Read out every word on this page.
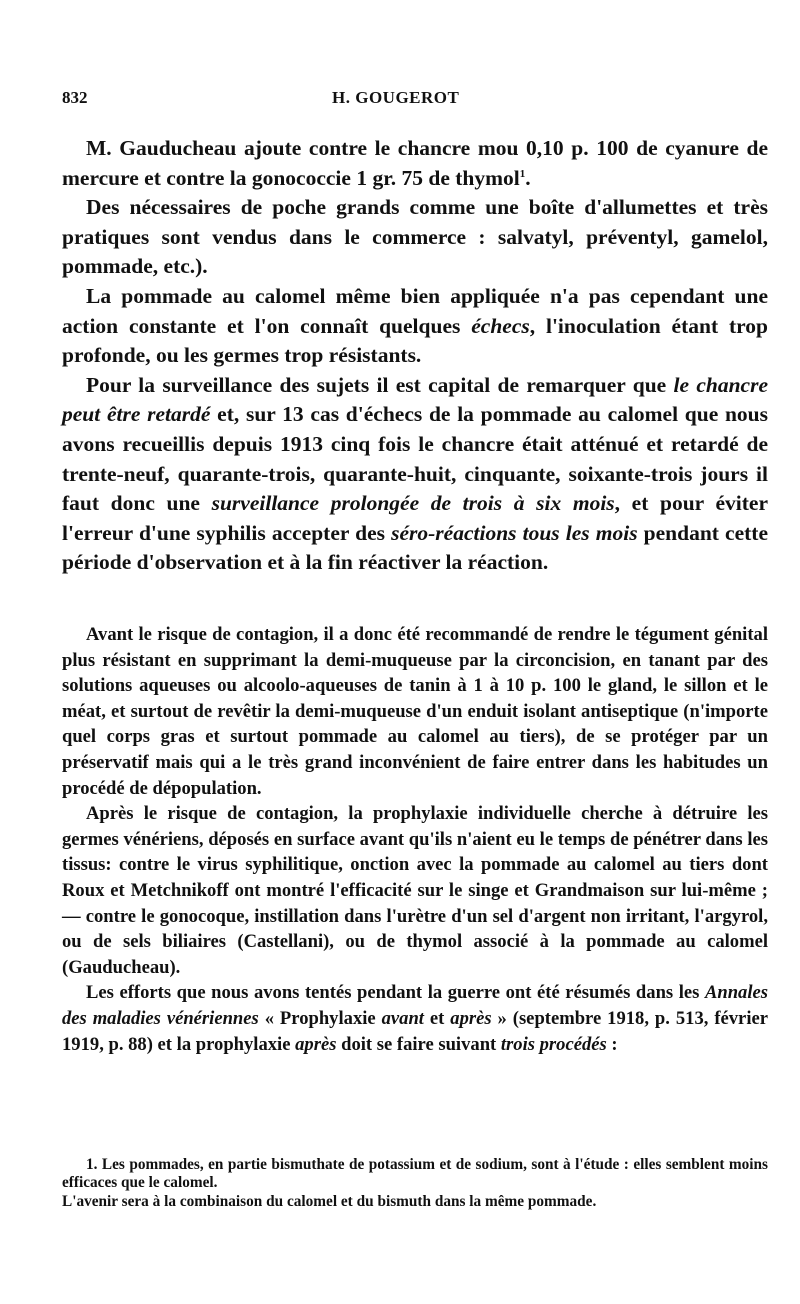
832	H. GOUGEROT

M. Gauducheau ajoute contre le chancre mou 0,10 p. 100 de cyanure de mercure et contre la gonococcie 1 gr. 75 de thymol$^1$.

Des nécessaires de poche grands comme une boîte d'allumettes et très pratiques sont vendus dans le commerce : salvatyl, préventyl, gamelol, pommade, etc.).

La pommade au calomel même bien appliquée n'a pas cependant une action constante et l'on connaît quelques échecs, l'inoculation étant trop profonde, ou les germes trop résistants.

Pour la surveillance des sujets il est capital de remarquer que le chancre peut être retardé et, sur 13 cas d'échecs de la pommade au calomel que nous avons recueillis depuis 1913 cinq fois le chancre était atténué et retardé de trente-neuf, quarante-trois, quarante-huit, cinquante, soixante-trois jours il faut donc une surveillance prolongée de trois à six mois, et pour éviter l'erreur d'une syphilis accepter des séro-réactions tous les mois pendant cette période d'observation et à la fin réactiver la réaction.

Avant le risque de contagion, il a donc été recommandé de rendre le tégument génital plus résistant en supprimant la demi-muqueuse par la circoncision, en tanant par des solutions aqueuses ou alcoolo-aqueuses de tanin à 1 à 10 p. 100 le gland, le sillon et le méat, et surtout de revêtir la demi-muqueuse d'un enduit isolant antiseptique (n'importe quel corps gras et surtout pommade au calomel au tiers), de se protéger par un préservatif mais qui a le très grand inconvénient de faire entrer dans les habitudes un procédé de dépopulation.

Après le risque de contagion, la prophylaxie individuelle cherche à détruire les germes vénériens, déposés en surface avant qu'ils n'aient eu le temps de pénétrer dans les tissus: contre le virus syphilitique, onction avec la pommade au calomel au tiers dont Roux et Metchnikoff ont montré l'efficacité sur le singe et Grandmaison sur lui-même ; — contre le gonocoque, instillation dans l'urètre d'un sel d'argent non irritant, l'argyrol, ou de sels biliaires (Castellani), ou de thymol associé à la pommade au calomel (Gauducheau).

Les efforts que nous avons tentés pendant la guerre ont été résumés dans les Annales des maladies vénériennes « Prophylaxie avant et après » (septembre 1918, p. 513, février 1919, p. 88) et la prophylaxie après doit se faire suivant trois procédés :

1. Les pommades, en partie bismuthate de potassium et de sodium, sont à l'étude : elles semblent moins efficaces que le calomel.

L'avenir sera à la combinaison du calomel et du bismuth dans la même pommade.
